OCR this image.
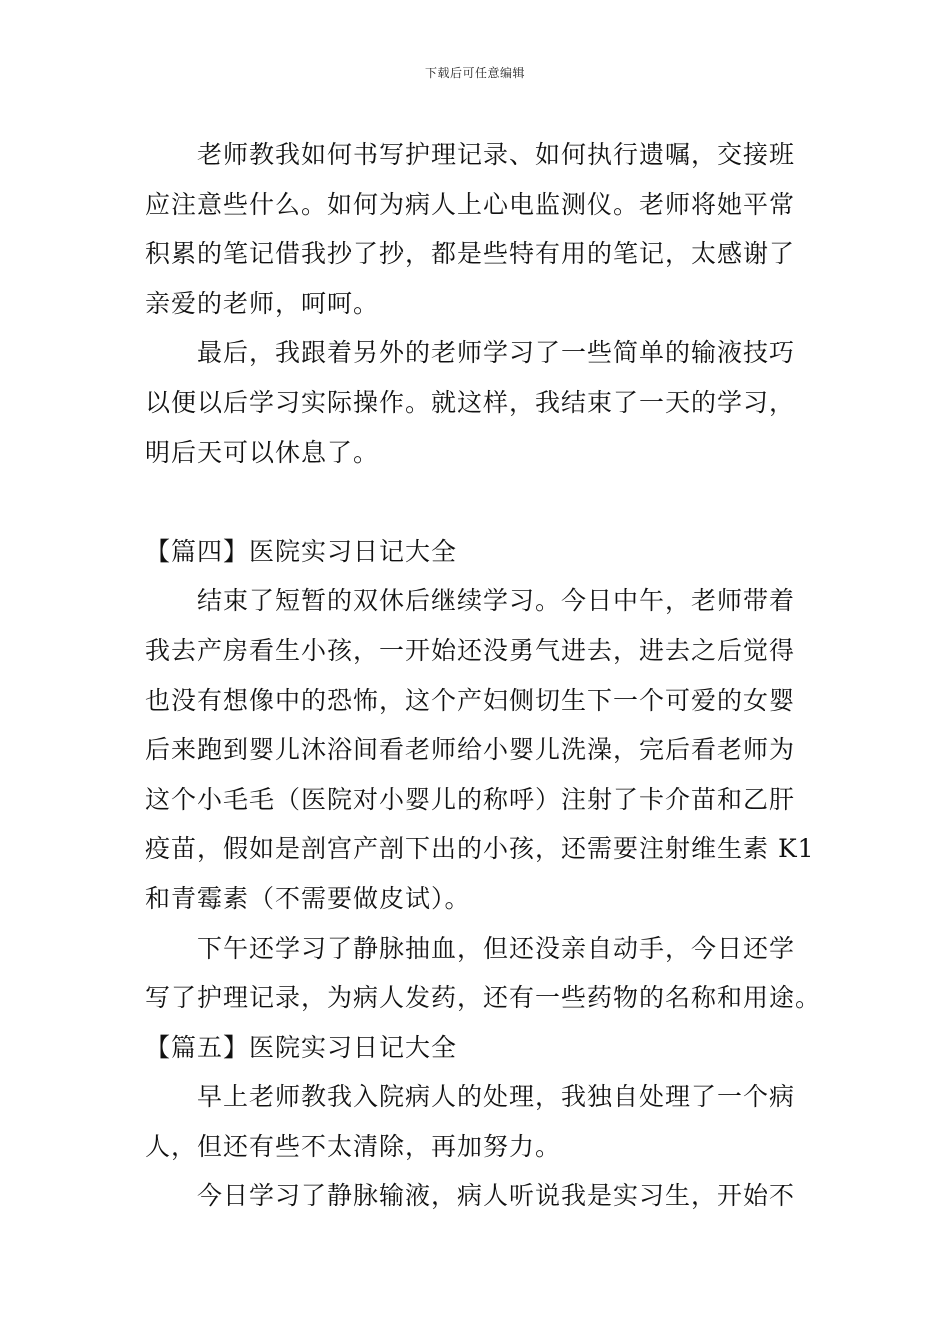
下载后可任意编辑
老师教我如何书写护理记录、如何执行遗嘱，交接班
应注意些什么。如何为病人上心电监测仪。老师将她平常
积累的笔记借我抄了抄，都是些特有用的笔记，太感谢了
亲爱的老师，呵呵。
最后，我跟着另外的老师学习了一些简单的输液技巧
以便以后学习实际操作。就这样，我结束了一天的学习，
明后天可以休息了。
【篇四】医院实习日记大全
结束了短暂的双休后继续学习。今日中午，老师带着
我去产房看生小孩，一开始还没勇气进去，进去之后觉得
也没有想像中的恐怖，这个产妇侧切生下一个可爱的女婴
后来跑到婴儿沐浴间看老师给小婴儿洗澡，完后看老师为
这个小毛毛（医院对小婴儿的称呼）注射了卡介苗和乙肝
疫苗，假如是剖宫产剖下出的小孩，还需要注射维生素 K1
和青霉素（不需要做皮试）。
下午还学习了静脉抽血，但还没亲自动手，今日还学
写了护理记录，为病人发药，还有一些药物的名称和用途。
【篇五】医院实习日记大全
早上老师教我入院病人的处理，我独自处理了一个病
人，但还有些不太清除，再加努力。
今日学习了静脉输液，病人听说我是实习生，开始不
